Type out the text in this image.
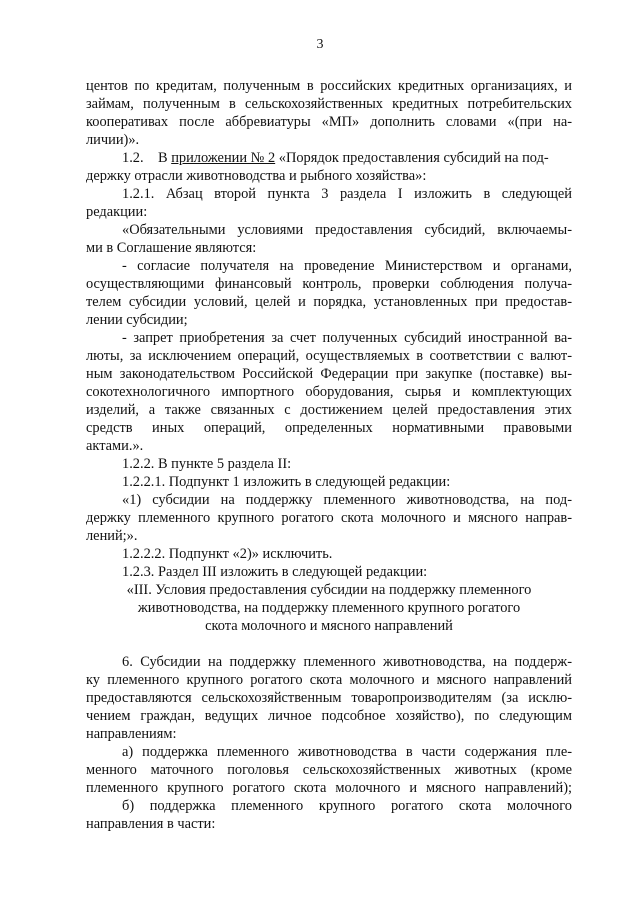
3
центов по кредитам, полученным в российских кредитных организациях, и
займам, полученным в сельскохозяйственных кредитных потребительских
кооперативах после аббревиатуры «МП» дополнить словами «(при на-
личии)».
1.2.    В приложении № 2 «Порядок предоставления субсидий на под-
держку отрасли животноводства и рыбного хозяйства»:
1.2.1. Абзац второй пункта 3 раздела I изложить в следующей
редакции:
«Обязательными условиями предоставления субсидий, включаемы-
ми в Соглашение являются:
- согласие получателя на проведение Министерством и органами,
осуществляющими финансовый контроль, проверки соблюдения получа-
телем субсидии условий, целей и порядка, установленных при предостав-
лении субсидии;
- запрет приобретения за счет полученных субсидий иностранной ва-
люты, за исключением операций, осуществляемых в соответствии с валют-
ным законодательством Российской Федерации при закупке (поставке) вы-
сокотехнологичного импортного оборудования, сырья и комплектующих
изделий, а также связанных с достижением целей предоставления этих
средств иных операций, определенных нормативными правовыми
актами.».
1.2.2. В пункте 5 раздела II:
1.2.2.1. Подпункт 1 изложить в следующей редакции:
«1) субсидии на поддержку племенного животноводства, на под-
держку племенного крупного рогатого скота молочного и мясного направ-
лений;».
1.2.2.2. Подпункт «2)» исключить.
1.2.3. Раздел III изложить в следующей редакции:
«III. Условия предоставления субсидии на поддержку племенного
животноводства, на поддержку племенного крупного рогатого
скота молочного и мясного направлений
6. Субсидии на поддержку племенного животноводства, на поддерж-
ку племенного крупного рогатого скота молочного и мясного направлений
предоставляются сельскохозяйственным товаропроизводителям (за исклю-
чением граждан, ведущих личное подсобное хозяйство), по следующим
направлениям:
а) поддержка племенного животноводства в части содержания пле-
менного маточного поголовья сельскохозяйственных животных (кроме
племенного крупного рогатого скота молочного и мясного направлений);
б) поддержка племенного крупного рогатого скота молочного
направления в части:
